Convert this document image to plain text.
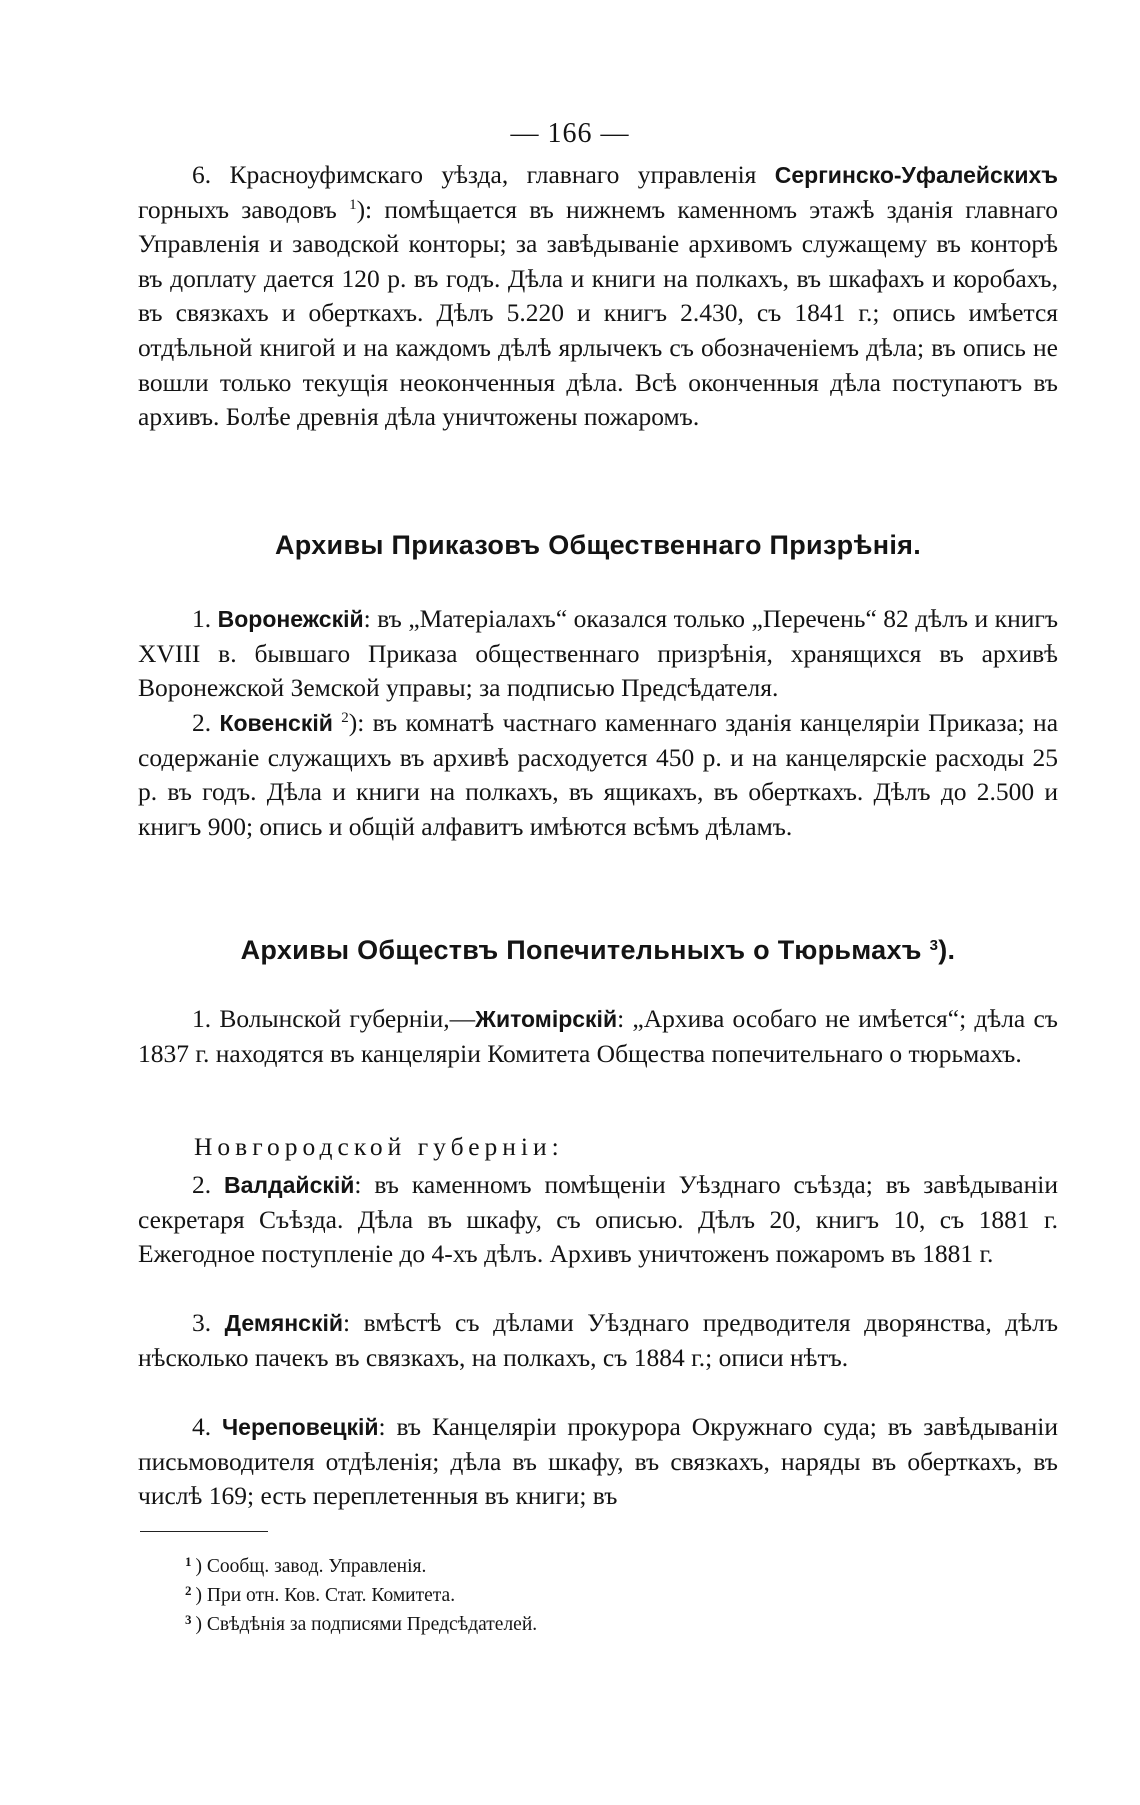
— 166 —

6. Красноуфимскаго уѣзда, главнаго управленія Сергинско-Уфалейскихъ горныхъ заводовъ $^1$): помѣщается въ нижнемъ каменномъ этажѣ зданія главнаго Управленія и заводской конторы; за завѣдываніе архивомъ служащему въ конторѣ въ доплату дается 120 р. въ годъ. Дѣла и книги на полкахъ, въ шкафахъ и коробахъ, въ связкахъ и оберткахъ. Дѣлъ 5.220 и книгъ 2.430, съ 1841 г.; опись имѣется отдѣльной книгой и на каждомъ дѣлѣ ярлычекъ съ обозначеніемъ дѣла; въ опись не вошли только текущія неоконченныя дѣла. Всѣ оконченныя дѣла поступаютъ въ архивъ. Болѣе древнія дѣла уничтожены пожаромъ.

Архивы Приказовъ Общественнаго Призрѣнія.

1. Воронежскій: въ „Матеріалахъ“ оказался только „Перечень“ 82 дѣлъ и книгъ XVIII в. бывшаго Приказа общественнаго призрѣнія, хранящихся въ архивѣ Воронежской Земской управы; за подписью Предсѣдателя.

2. Ковенскій $^2$): въ комнатѣ частнаго каменнаго зданія канцеляріи Приказа; на содержаніе служащихъ въ архивѣ расходуется 450 р. и на канцелярскіе расходы 25 р. въ годъ. Дѣла и книги на полкахъ, въ ящикахъ, въ оберткахъ. Дѣлъ до 2.500 и книгъ 900; опись и общій алфавитъ имѣются всѣмъ дѣламъ.

Архивы Обществъ Попечительныхъ о Тюрьмахъ $^3$).

1. Волынской губерніи,—Житомірскій: „Архива особаго не имѣется“; дѣла съ 1837 г. находятся въ канцеляріи Комитета Общества попечительнаго о тюрьмахъ.

Новгородской губерніи:

2. Валдайскій: въ каменномъ помѣщеніи Уѣзднаго съѣзда; въ завѣдываніи секретаря Съѣзда. Дѣла въ шкафу, съ описью. Дѣлъ 20, книгъ 10, съ 1881 г. Ежегодное поступленіе до 4-хъ дѣлъ. Архивъ уничтоженъ пожаромъ въ 1881 г.

3. Демянскій: вмѣстѣ съ дѣлами Уѣзднаго предводителя дворянства, дѣлъ нѣсколько пачекъ въ связкахъ, на полкахъ, съ 1884 г.; описи нѣтъ.

4. Череповецкій: въ Канцеляріи прокурора Окружнаго суда; въ завѣдываніи письмоводителя отдѣленія; дѣла въ шкафу, въ связкахъ, наряды въ оберткахъ, въ числѣ 169; есть переплетенныя въ книги; въ

$^1$ ) Сообщ. завод. Управленія.
$^2$ ) При отн. Ков. Стат. Комитета.
$^3$ ) Свѣдѣнія за подписями Предсѣдателей.
